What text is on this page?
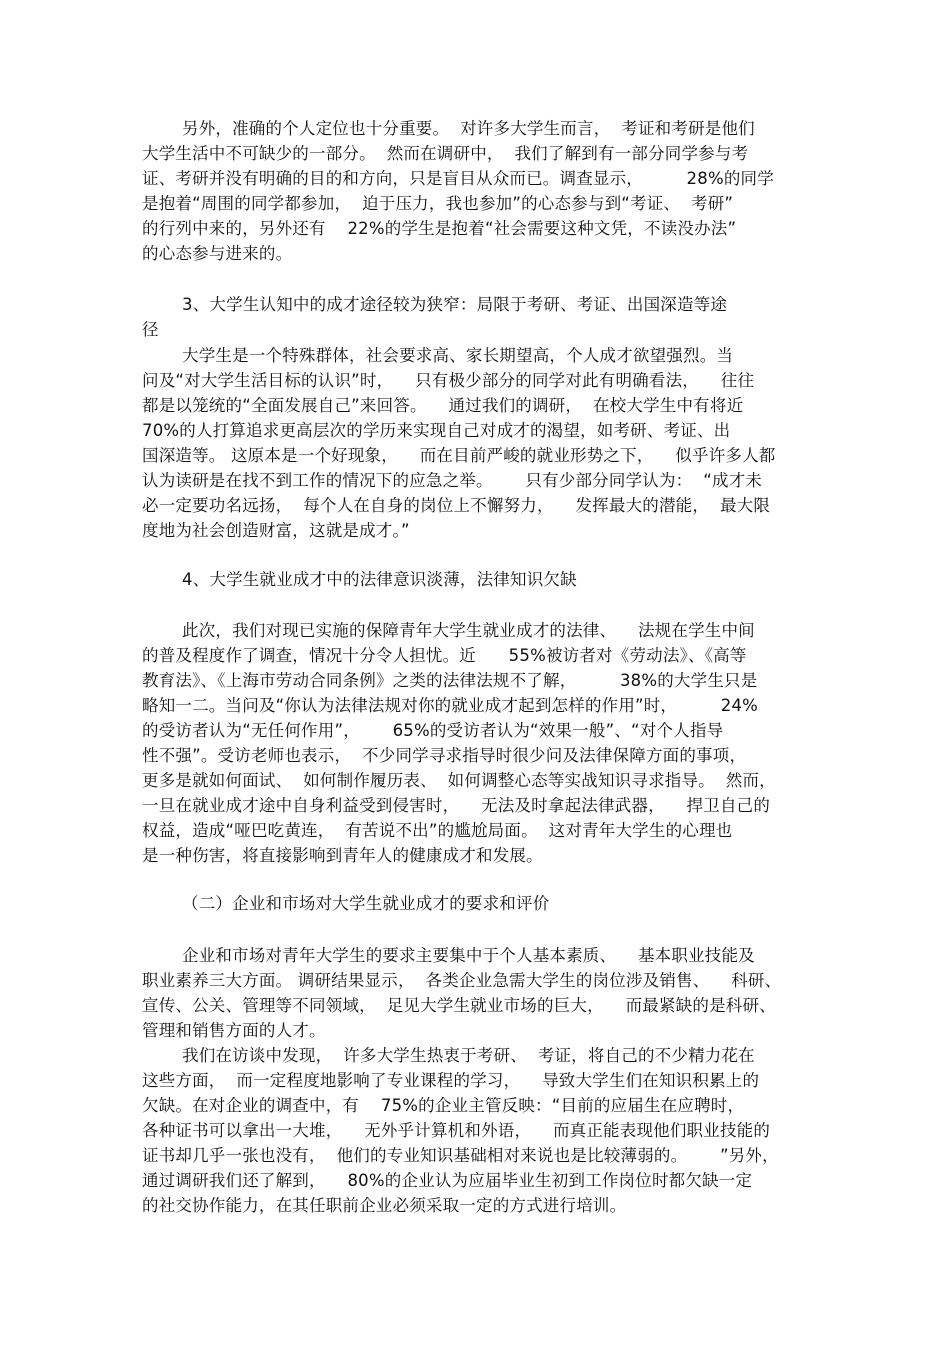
另外，准确的个人定位也十分重要。  对许多大学生而言，  考证和考研是他们
大学生活中不可缺少的一部分。  然而在调研中，  我们了解到有一部分同学参与考
证、考研并没有明确的目的和方向，只是盲目从众而已。调查显示，        28%的同学
是抱着“周围的同学都参加，  迫于压力，我也参加”的心态参与到“考证、  考研”
的行列中来的，另外还有    22%的学生是抱着“社会需要这种文凭，不读没办法”
的心态参与进来的。
3、大学生认知中的成才途径较为狭窄：局限于考研、考证、出国深造等途
径
大学生是一个特殊群体，社会要求高、家长期望高，个人成才欲望强烈。当
问及“对大学生活目标的认识”时，    只有极少部分的同学对此有明确看法，    往往
都是以笼统的“全面发展自己”来回答。    通过我们的调研，  在校大学生中有将近
70%的人打算追求更高层次的学历来实现自己对成才的渴望，如考研、考证、出
国深造等。 这原本是一个好现象，    而在目前严峻的就业形势之下，    似乎许多人都
认为读研是在找不到工作的情况下的应急之举。      只有少部分同学认为：  “成才未
必一定要功名远扬，  每个人在自身的岗位上不懈努力，    发挥最大的潜能，  最大限
度地为社会创造财富，这就是成才。”
4、大学生就业成才中的法律意识淡薄，法律知识欠缺
此次，我们对现已实施的保障青年大学生就业成才的法律、    法规在学生中间
的普及程度作了调查，情况十分令人担忧。近      55%被访者对《劳动法》、《高等
教育法》、《上海市劳动合同条例》之类的法律法规不了解，        38%的大学生只是
略知一二。当问及“你认为法律法规对你的就业成才起到怎样的作用”时，        24%
的受访者认为“无任何作用”，      65%的受访者认为“效果一般”、“对个人指导
性不强”。受访老师也表示，  不少同学寻求指导时很少问及法律保障方面的事项，
更多是就如何面试、  如何制作履历表、  如何调整心态等实战知识寻求指导。  然而，
一旦在就业成才途中自身利益受到侵害时，    无法及时拿起法律武器，    捍卫自己的
权益，造成“哑巴吃黄连，  有苦说不出”的尴尬局面。  这对青年大学生的心理也
是一种伤害，将直接影响到青年人的健康成才和发展。
（二）企业和市场对大学生就业成才的要求和评价
企业和市场对青年大学生的要求主要集中于个人基本素质、    基本职业技能及
职业素养三大方面。 调研结果显示，  各类企业急需大学生的岗位涉及销售、    科研、
宣传、公关、管理等不同领域，  足见大学生就业市场的巨大，    而最紧缺的是科研、
管理和销售方面的人才。
我们在访谈中发现，  许多大学生热衷于考研、  考证，将自己的不少精力花在
这些方面，  而一定程度地影响了专业课程的学习，    导致大学生们在知识积累上的
欠缺。在对企业的调查中，有    75%的企业主管反映：“目前的应届生在应聘时，
各种证书可以拿出一大堆，    无外乎计算机和外语，    而真正能表现他们职业技能的
证书却几乎一张也没有，  他们的专业知识基础相对来说也是比较薄弱的。      ”另外，
通过调研我们还了解到，    80%的企业认为应届毕业生初到工作岗位时都欠缺一定
的社交协作能力，在其任职前企业必须采取一定的方式进行培训。
